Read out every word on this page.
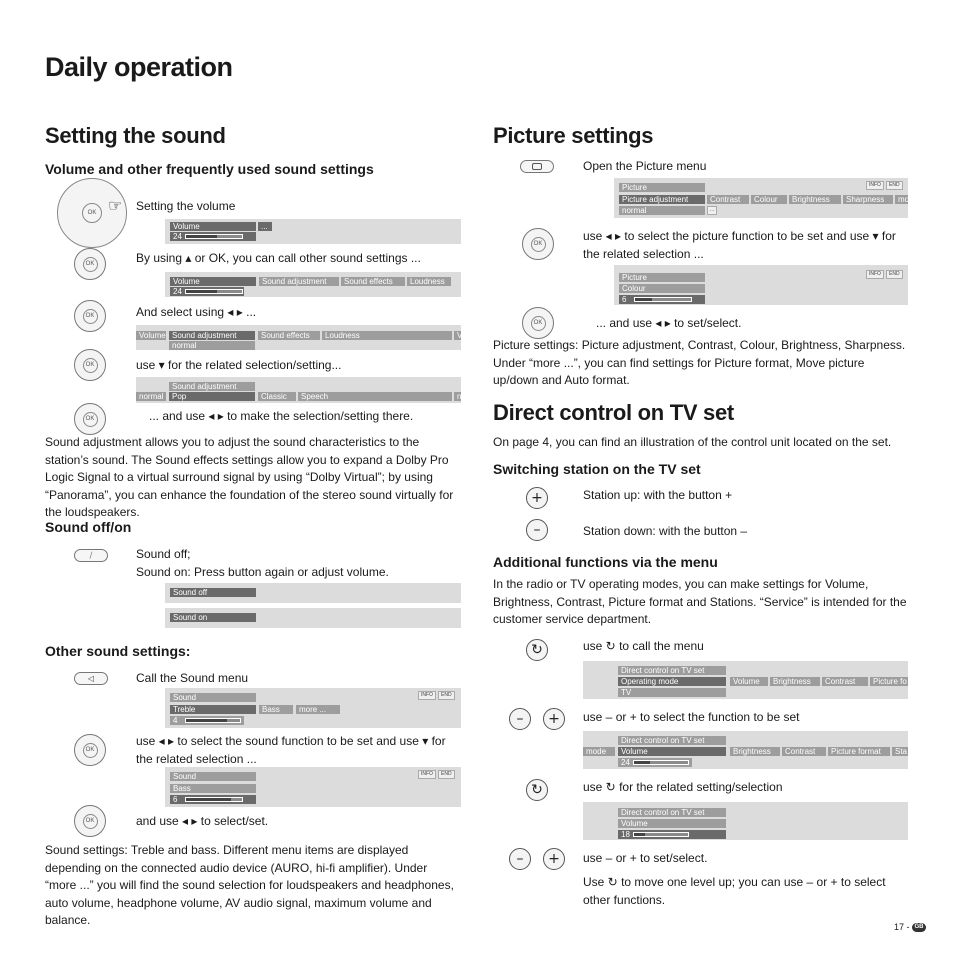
Daily operation
Setting the sound
Volume and other frequently used sound settings
OK ☞ Setting the volume
Volume	...
24
OK	By using ▴ or OK, you can call other sound settings ...
Volume	Sound adjustment	Sound effects	Loudness
24
OK	And select using ◂ ▸ ...
Volume Sound adjustment	Sound effects	Loudness	V
normal
OK	use ▾ for the related selection/setting...
Sound adjustment
normal	Pop	Classic	Speech	n
OK	... and use ◂ ▸ to make the selection/setting there.
Sound adjustment allows you to adjust the sound characteristics to the station’s sound. The Sound effects settings allow you to expand a Dolby Pro Logic Signal to a virtual surround signal by using “Dolby Virtual”; by using “Panorama”, you can enhance the foundation of the stereo sound virtually for the loudspeakers.
Sound off/on
⧸	Sound off;
Sound on: Press button again or adjust volume.
Sound off
Sound on
Other sound settings:
◁	Call the Sound menu
Sound	INFO	END
Treble	Bass	more ...
4
OK
use ◂ ▸ to select the sound function to be set and use ▾ for the related selection ...
Sound	INFO	END
Bass
6
OK	and use ◂ ▸ to select/set.
Sound settings: Treble and bass. Different menu items are displayed depending on the connected audio device (AURO, hi-fi amplifier). Under “more ...” you will find the sound selection for loudspeakers and headphones, auto volume, headphone volume, AV audio signal, maximum volume and balance.
Picture settings
Open the Picture menu
Picture	INFO	END
Picture adjustment	Contrast	Colour	Brightness	Sharpness	mo
normal	...
OK
use ◂ ▸ to select the picture function to be set and use ▾ for the related selection ...
Picture	INFO	END
Colour
6
OK	... and use ◂ ▸ to set/select.
Picture settings: Picture adjustment, Contrast, Colour, Brightness, Sharpness. Under “more ...”, you can find settings for Picture format, Move picture up/down and Auto format.
Direct control on TV set
On page 4, you can find an illustration of the control unit located on the set.
Switching station on the TV set
+	Station up: with the button +
–	Station down: with the button –
Additional functions via the menu
In the radio or TV operating modes, you can make settings for Volume, Brightness, Contrast, Picture format and Stations. “Service” is intended for the customer service department.
↻	use ↻ to call the menu
Direct control on TV set
Operating mode	Volume	Brightness	Contrast	Picture fo
TV
–	+	use – or + to select the function to be set
Direct control on TV set
mode	Volume	Brightness	Contrast	Picture format	Sta
24
↻	use ↻ for the related setting/selection
Direct control on TV set
Volume
18
–	+	use – or + to set/select.
Use ↻ to move one level up; you can use – or + to select other functions.
17 - GB
